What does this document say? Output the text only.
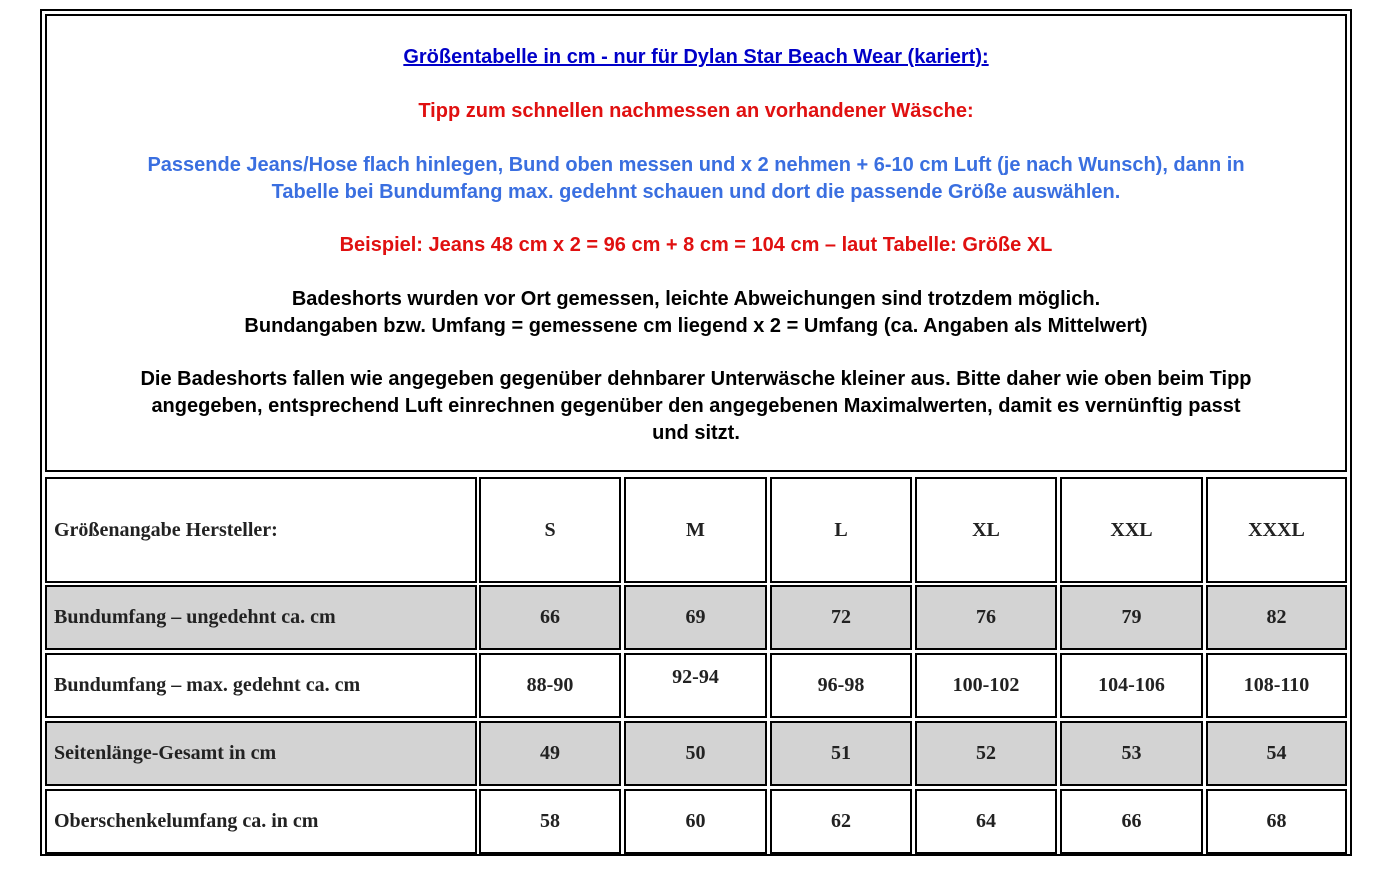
Größentabelle in cm - nur für Dylan Star Beach Wear (kariert):

Tipp zum schnellen nachmessen an vorhandener Wäsche:

Passende Jeans/Hose flach hinlegen, Bund oben messen und x 2 nehmen + 6-10 cm Luft (je nach Wunsch), dann in
Tabelle bei Bundumfang max. gedehnt schauen und dort die passende Größe auswählen.

Beispiel: Jeans 48 cm x 2 = 96 cm + 8 cm = 104 cm – laut Tabelle: Größe XL

Badeshorts wurden vor Ort gemessen, leichte Abweichungen sind trotzdem möglich.
Bundangaben bzw. Umfang = gemessene cm liegend x 2 = Umfang (ca. Angaben als Mittelwert)

Die Badeshorts fallen wie angegeben gegenüber dehnbarer Unterwäsche kleiner aus. Bitte daher wie oben beim Tipp
angegeben, entsprechend Luft einrechnen gegenüber den angegebenen Maximalwerten, damit es vernünftig passt
und sitzt.

Größenangabe Hersteller:	S	M	L	XL	XXL	XXXL
Bundumfang – ungedehnt ca. cm	66	69	72	76	79	82
Bundumfang – max. gedehnt ca. cm	88-90	92-94	96-98	100-102	104-106	108-110
Seitenlänge-Gesamt in cm	49	50	51	52	53	54
Oberschenkelumfang ca. in cm	58	60	62	64	66	68
